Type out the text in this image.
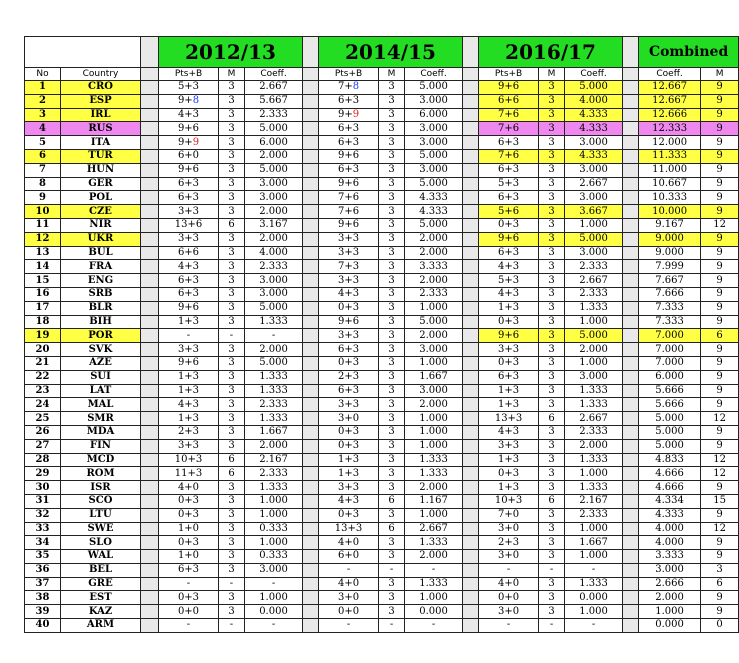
			2012/13				2014/15				2016/17				Combined	
No	Country		Pts+B	M	Coeff.		Pts+B	M	Coeff.		Pts+B	M	Coeff.		Coeff.	M
1	CRO		5+3	3	2.667		7+8	3	5.000		9+6	3	5.000		12.667	9
2	ESP		9+8	3	5.667		6+3	3	3.000		6+6	3	4.000		12.667	9
3	IRL		4+3	3	2.333		9+9	3	6.000		7+6	3	4.333		12.666	9
4	RUS		9+6	3	5.000		6+3	3	3.000		7+6	3	4.333		12.333	9
5	ITA		9+9	3	6.000		6+3	3	3.000		6+3	3	3.000		12.000	9
6	TUR		6+0	3	2.000		9+6	3	5.000		7+6	3	4.333		11.333	9
7	HUN		9+6	3	5.000		6+3	3	3.000		6+3	3	3.000		11.000	9
8	GER		6+3	3	3.000		9+6	3	5.000		5+3	3	2.667		10.667	9
9	POL		6+3	3	3.000		7+6	3	4.333		6+3	3	3.000		10.333	9
10	CZE		3+3	3	2.000		7+6	3	4.333		5+6	3	3.667		10.000	9
11	NIR		13+6	6	3.167		9+6	3	5.000		0+3	3	1.000		9.167	12
12	UKR		3+3	3	2.000		3+3	3	2.000		9+6	3	5.000		9.000	9
13	BUL		6+6	3	4.000		3+3	3	2.000		6+3	3	3.000		9.000	9
14	FRA		4+3	3	2.333		7+3	3	3.333		4+3	3	2.333		7.999	9
15	ENG		6+3	3	3.000		3+3	3	2.000		5+3	3	2.667		7.667	9
16	SRB		6+3	3	3.000		4+3	3	2.333		4+3	3	2.333		7.666	9
17	BLR		9+6	3	5.000		0+3	3	1.000		1+3	3	1.333		7.333	9
18	BIH		1+3	3	1.333		9+6	3	5.000		0+3	3	1.000		7.333	9
19	POR		-	-	-		3+3	3	2.000		9+6	3	5.000		7.000	6
20	SVK		3+3	3	2.000		6+3	3	3.000		3+3	3	2.000		7.000	9
21	AZE		9+6	3	5.000		0+3	3	1.000		0+3	3	1.000		7.000	9
22	SUI		1+3	3	1.333		2+3	3	1.667		6+3	3	3.000		6.000	9
23	LAT		1+3	3	1.333		6+3	3	3.000		1+3	3	1.333		5.666	9
24	MAL		4+3	3	2.333		3+3	3	2.000		1+3	3	1.333		5.666	9
25	SMR		1+3	3	1.333		3+0	3	1.000		13+3	6	2.667		5.000	12
26	MDA		2+3	3	1.667		0+3	3	1.000		4+3	3	2.333		5.000	9
27	FIN		3+3	3	2.000		0+3	3	1.000		3+3	3	2.000		5.000	9
28	MCD		10+3	6	2.167		1+3	3	1.333		1+3	3	1.333		4.833	12
29	ROM		11+3	6	2.333		1+3	3	1.333		0+3	3	1.000		4.666	12
30	ISR		4+0	3	1.333		3+3	3	2.000		1+3	3	1.333		4.666	9
31	SCO		0+3	3	1.000		4+3	6	1.167		10+3	6	2.167		4.334	15
32	LTU		0+3	3	1.000		0+3	3	1.000		7+0	3	2.333		4.333	9
33	SWE		1+0	3	0.333		13+3	6	2.667		3+0	3	1.000		4.000	12
34	SLO		0+3	3	1.000		4+0	3	1.333		2+3	3	1.667		4.000	9
35	WAL		1+0	3	0.333		6+0	3	2.000		3+0	3	1.000		3.333	9
36	BEL		6+3	3	3.000		-	-	-		-	-	-		3.000	3
37	GRE		-	-	-		4+0	3	1.333		4+0	3	1.333		2.666	6
38	EST		0+3	3	1.000		3+0	3	1.000		0+0	3	0.000		2.000	9
39	KAZ		0+0	3	0.000		0+0	3	0.000		3+0	3	1.000		1.000	9
40	ARM		-	-	-		-	-	-		-	-	-		0.000	0
